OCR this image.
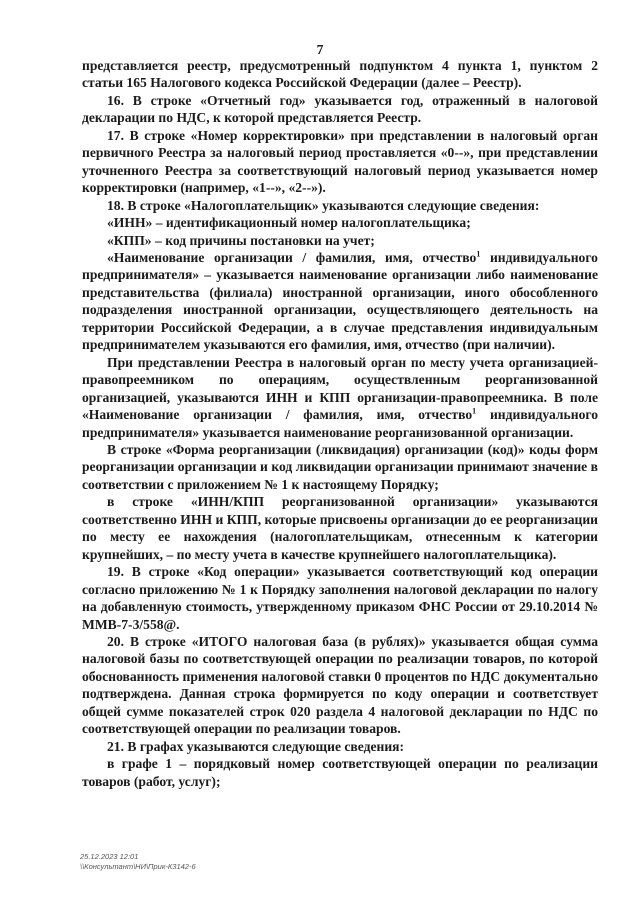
7

представляется реестр, предусмотренный подпунктом 4 пункта 1, пунктом 2 статьи 165 Налогового кодекса Российской Федерации (далее – Реестр).

16. В строке «Отчетный год» указывается год, отраженный в налоговой декларации по НДС, к которой представляется Реестр.

17. В строке «Номер корректировки» при представлении в налоговый орган первичного Реестра за налоговый период проставляется «0--», при представлении уточненного Реестра за соответствующий налоговый период указывается номер корректировки (например, «1--», «2--»).

18. В строке «Налогоплательщик» указываются следующие сведения:

«ИНН» – идентификационный номер налогоплательщика;

«КПП» – код причины постановки на учет;

«Наименование организации / фамилия, имя, отчество$^1$ индивидуального предпринимателя» – указывается наименование организации либо наименование представительства (филиала) иностранной организации, иного обособленного подразделения иностранной организации, осуществляющего деятельность на территории Российской Федерации, а в случае представления индивидуальным предпринимателем указываются его фамилия, имя, отчество (при наличии).

При представлении Реестра в налоговый орган по месту учета организацией-правопреемником по операциям, осуществленным реорганизованной организацией, указываются ИНН и КПП организации-правопреемника. В поле «Наименование организации / фамилия, имя, отчество$^1$ индивидуального предпринимателя» указывается наименование реорганизованной организации.

В строке «Форма реорганизации (ликвидация) организации (код)» коды форм реорганизации организации и код ликвидации организации принимают значение в соответствии с приложением № 1 к настоящему Порядку;

в строке «ИНН/КПП реорганизованной организации» указываются соответственно ИНН и КПП, которые присвоены организации до ее реорганизации по месту ее нахождения (налогоплательщикам, отнесенным к категории крупнейших, – по месту учета в качестве крупнейшего налогоплательщика).

19. В строке «Код операции» указывается соответствующий код операции согласно приложению № 1 к Порядку заполнения налоговой декларации по налогу на добавленную стоимость, утвержденному приказом ФНС России от 29.10.2014 № ММВ-7-3/558@.

20. В строке «ИТОГО налоговая база (в рублях)» указывается общая сумма налоговой базы по соответствующей операции по реализации товаров, по которой обоснованность применения налоговой ставки 0 процентов по НДС документально подтверждена. Данная строка формируется по коду операции и соответствует общей сумме показателей строк 020 раздела 4 налоговой декларации по НДС по соответствующей операции по реализации товаров.

21. В графах указываются следующие сведения:

в графе 1 – порядковый номер соответствующей операции по реализации товаров (работ, услуг);

25.12.2023 12:01
\\Консультант\НИ\Прик-К3142-6
